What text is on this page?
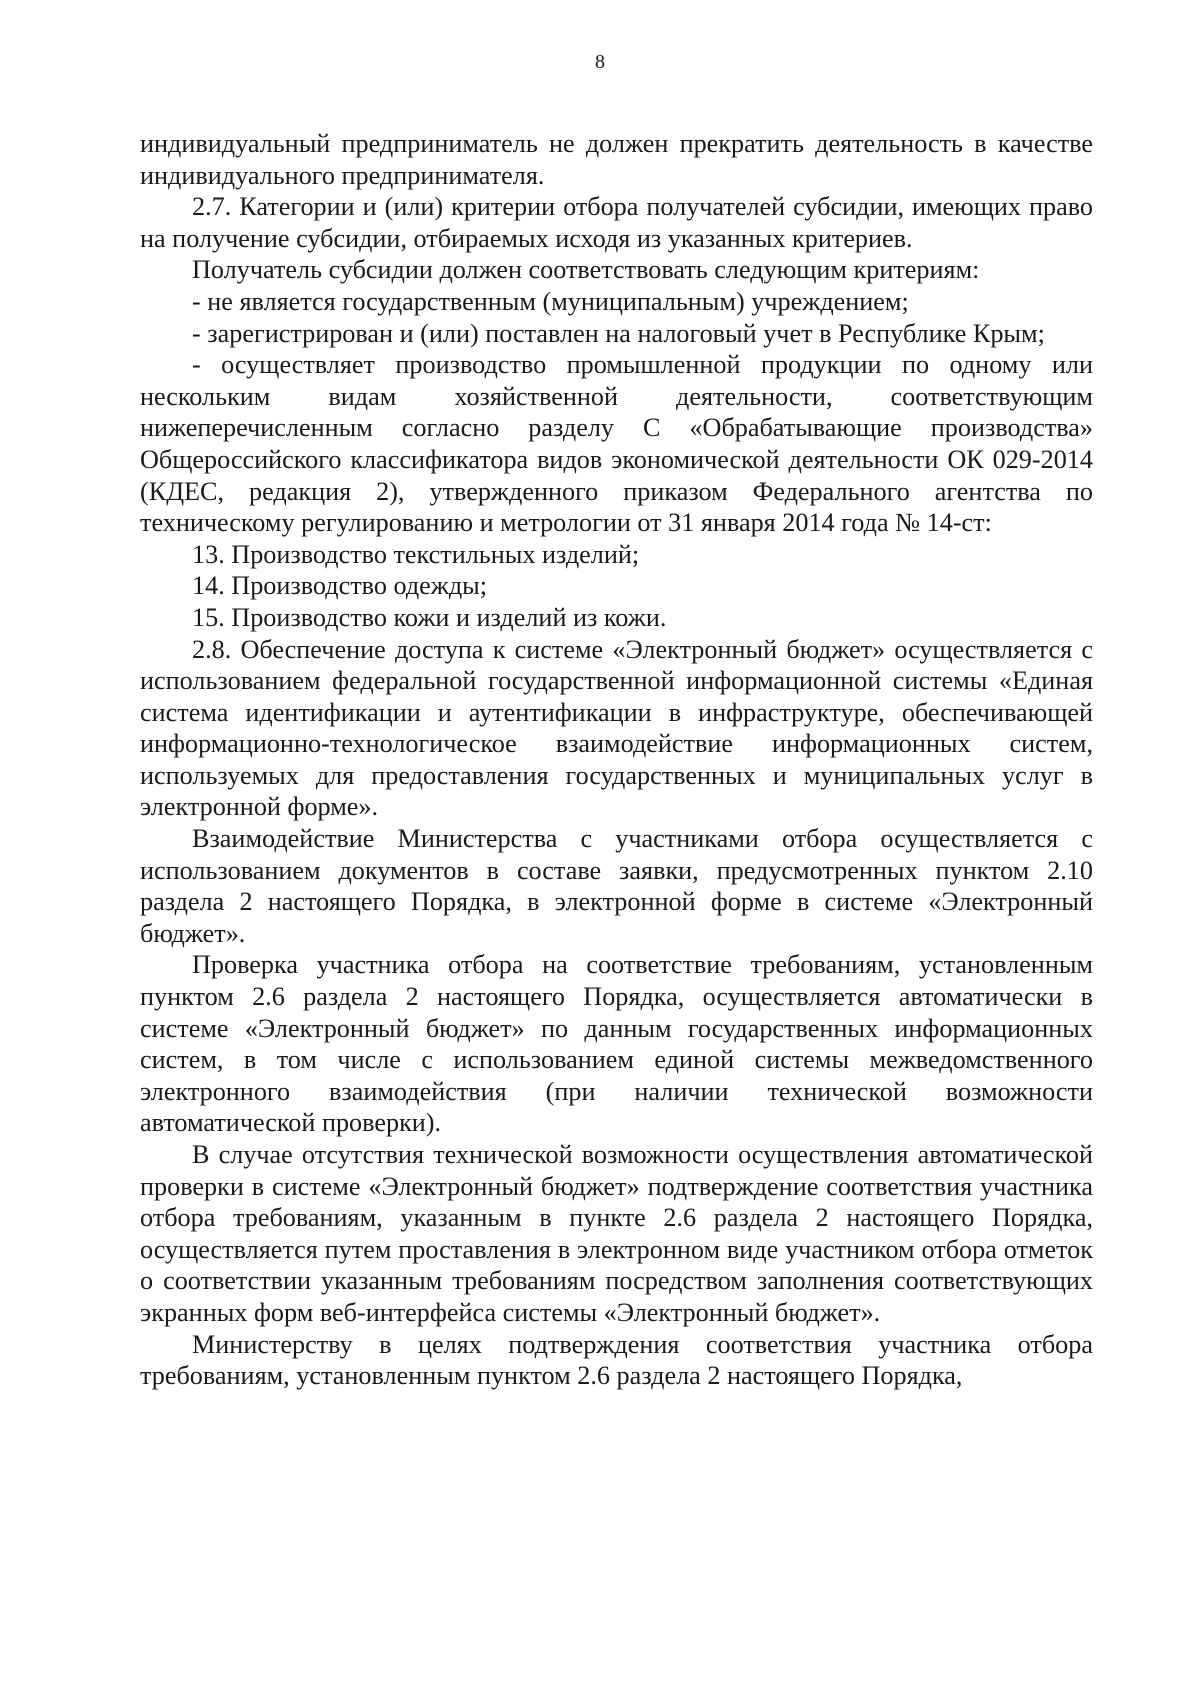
8

индивидуальный предприниматель не должен прекратить деятельность в качестве индивидуального предпринимателя.

2.7. Категории и (или) критерии отбора получателей субсидии, имеющих право на получение субсидии, отбираемых исходя из указанных критериев.

Получатель субсидии должен соответствовать следующим критериям:

- не является государственным (муниципальным) учреждением;

- зарегистрирован и (или) поставлен на налоговый учет в Республике Крым;

- осуществляет производство промышленной продукции по одному или нескольким видам хозяйственной деятельности, соответствующим нижеперечисленным согласно разделу С «Обрабатывающие производства» Общероссийского классификатора видов экономической деятельности ОК 029-2014 (КДЕС, редакция 2), утвержденного приказом Федерального агентства по техническому регулированию и метрологии от 31 января 2014 года № 14-ст:

13. Производство текстильных изделий;

14. Производство одежды;

15. Производство кожи и изделий из кожи.

2.8. Обеспечение доступа к системе «Электронный бюджет» осуществляется с использованием федеральной государственной информационной системы «Единая система идентификации и аутентификации в инфраструктуре, обеспечивающей информационно-технологическое взаимодействие информационных систем, используемых для предоставления государственных и муниципальных услуг в электронной форме».

Взаимодействие Министерства с участниками отбора осуществляется с использованием документов в составе заявки, предусмотренных пунктом 2.10 раздела 2 настоящего Порядка, в электронной форме в системе «Электронный бюджет».

Проверка участника отбора на соответствие требованиям, установленным пунктом 2.6 раздела 2 настоящего Порядка, осуществляется автоматически в системе «Электронный бюджет» по данным государственных информационных систем, в том числе с использованием единой системы межведомственного электронного взаимодействия (при наличии технической возможности автоматической проверки).

В случае отсутствия технической возможности осуществления автоматической проверки в системе «Электронный бюджет» подтверждение соответствия участника отбора требованиям, указанным в пункте 2.6 раздела 2 настоящего Порядка, осуществляется путем проставления в электронном виде участником отбора отметок о соответствии указанным требованиям посредством заполнения соответствующих экранных форм веб-интерфейса системы «Электронный бюджет».

Министерству в целях подтверждения соответствия участника отбора требованиям, установленным пунктом 2.6 раздела 2 настоящего Порядка,
